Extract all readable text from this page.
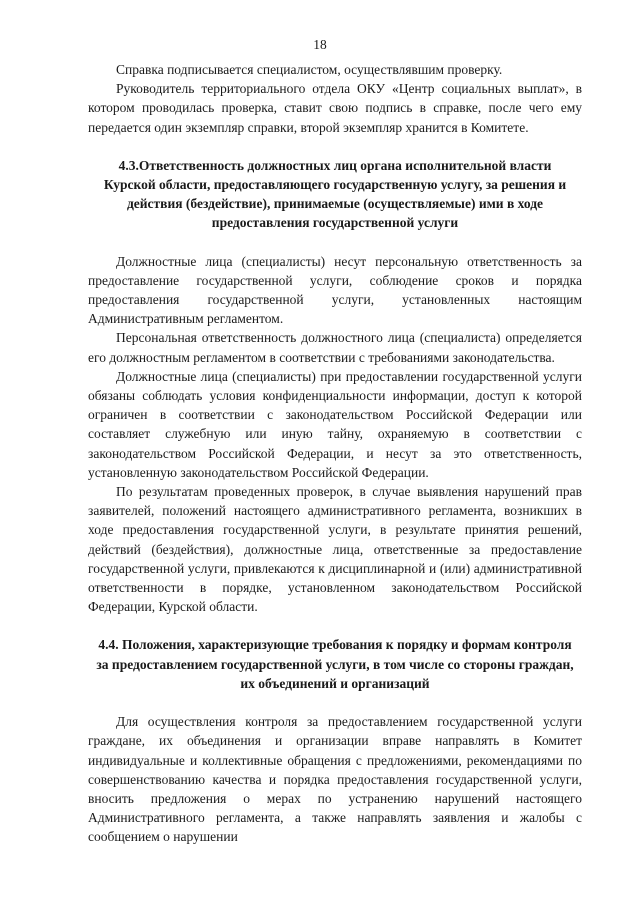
18

Справка подписывается специалистом, осуществлявшим проверку.

Руководитель территориального отдела ОКУ «Центр социальных выплат», в котором проводилась проверка, ставит свою подпись в справке, после чего ему передается один экземпляр справки, второй экземпляр хранится в Комитете.

4.3.Ответственность должностных лиц органа исполнительной власти Курской области, предоставляющего государственную услугу, за решения и действия (бездействие), принимаемые (осуществляемые) ими в ходе предоставления государственной услуги

Должностные лица (специалисты) несут персональную ответственность за предоставление государственной услуги, соблюдение сроков и порядка предоставления государственной услуги, установленных настоящим Административным регламентом.

Персональная ответственность должностного лица (специалиста) определяется его должностным регламентом в соответствии с требованиями законодательства.

Должностные лица (специалисты) при предоставлении государственной услуги обязаны соблюдать условия конфиденциальности информации, доступ к которой ограничен в соответствии с законодательством Российской Федерации или составляет служебную или иную тайну, охраняемую в соответствии с законодательством Российской Федерации, и несут за это ответственность, установленную законодательством Российской Федерации.

По результатам проведенных проверок, в случае выявления нарушений прав заявителей, положений настоящего административного регламента, возникших в ходе предоставления государственной услуги, в результате принятия решений, действий (бездействия), должностные лица, ответственные за предоставление государственной услуги, привлекаются к дисциплинарной и (или) административной ответственности в порядке, установленном законодательством Российской Федерации, Курской области.

4.4. Положения, характеризующие требования к порядку и формам контроля за предоставлением государственной услуги, в том числе со стороны граждан, их объединений и организаций

Для осуществления контроля за предоставлением государственной услуги граждане, их объединения и организации вправе направлять в Комитет индивидуальные и коллективные обращения с предложениями, рекомендациями по совершенствованию качества и порядка предоставления государственной услуги, вносить предложения о мерах по устранению нарушений настоящего Административного регламента, а также направлять заявления и жалобы с сообщением о нарушении
